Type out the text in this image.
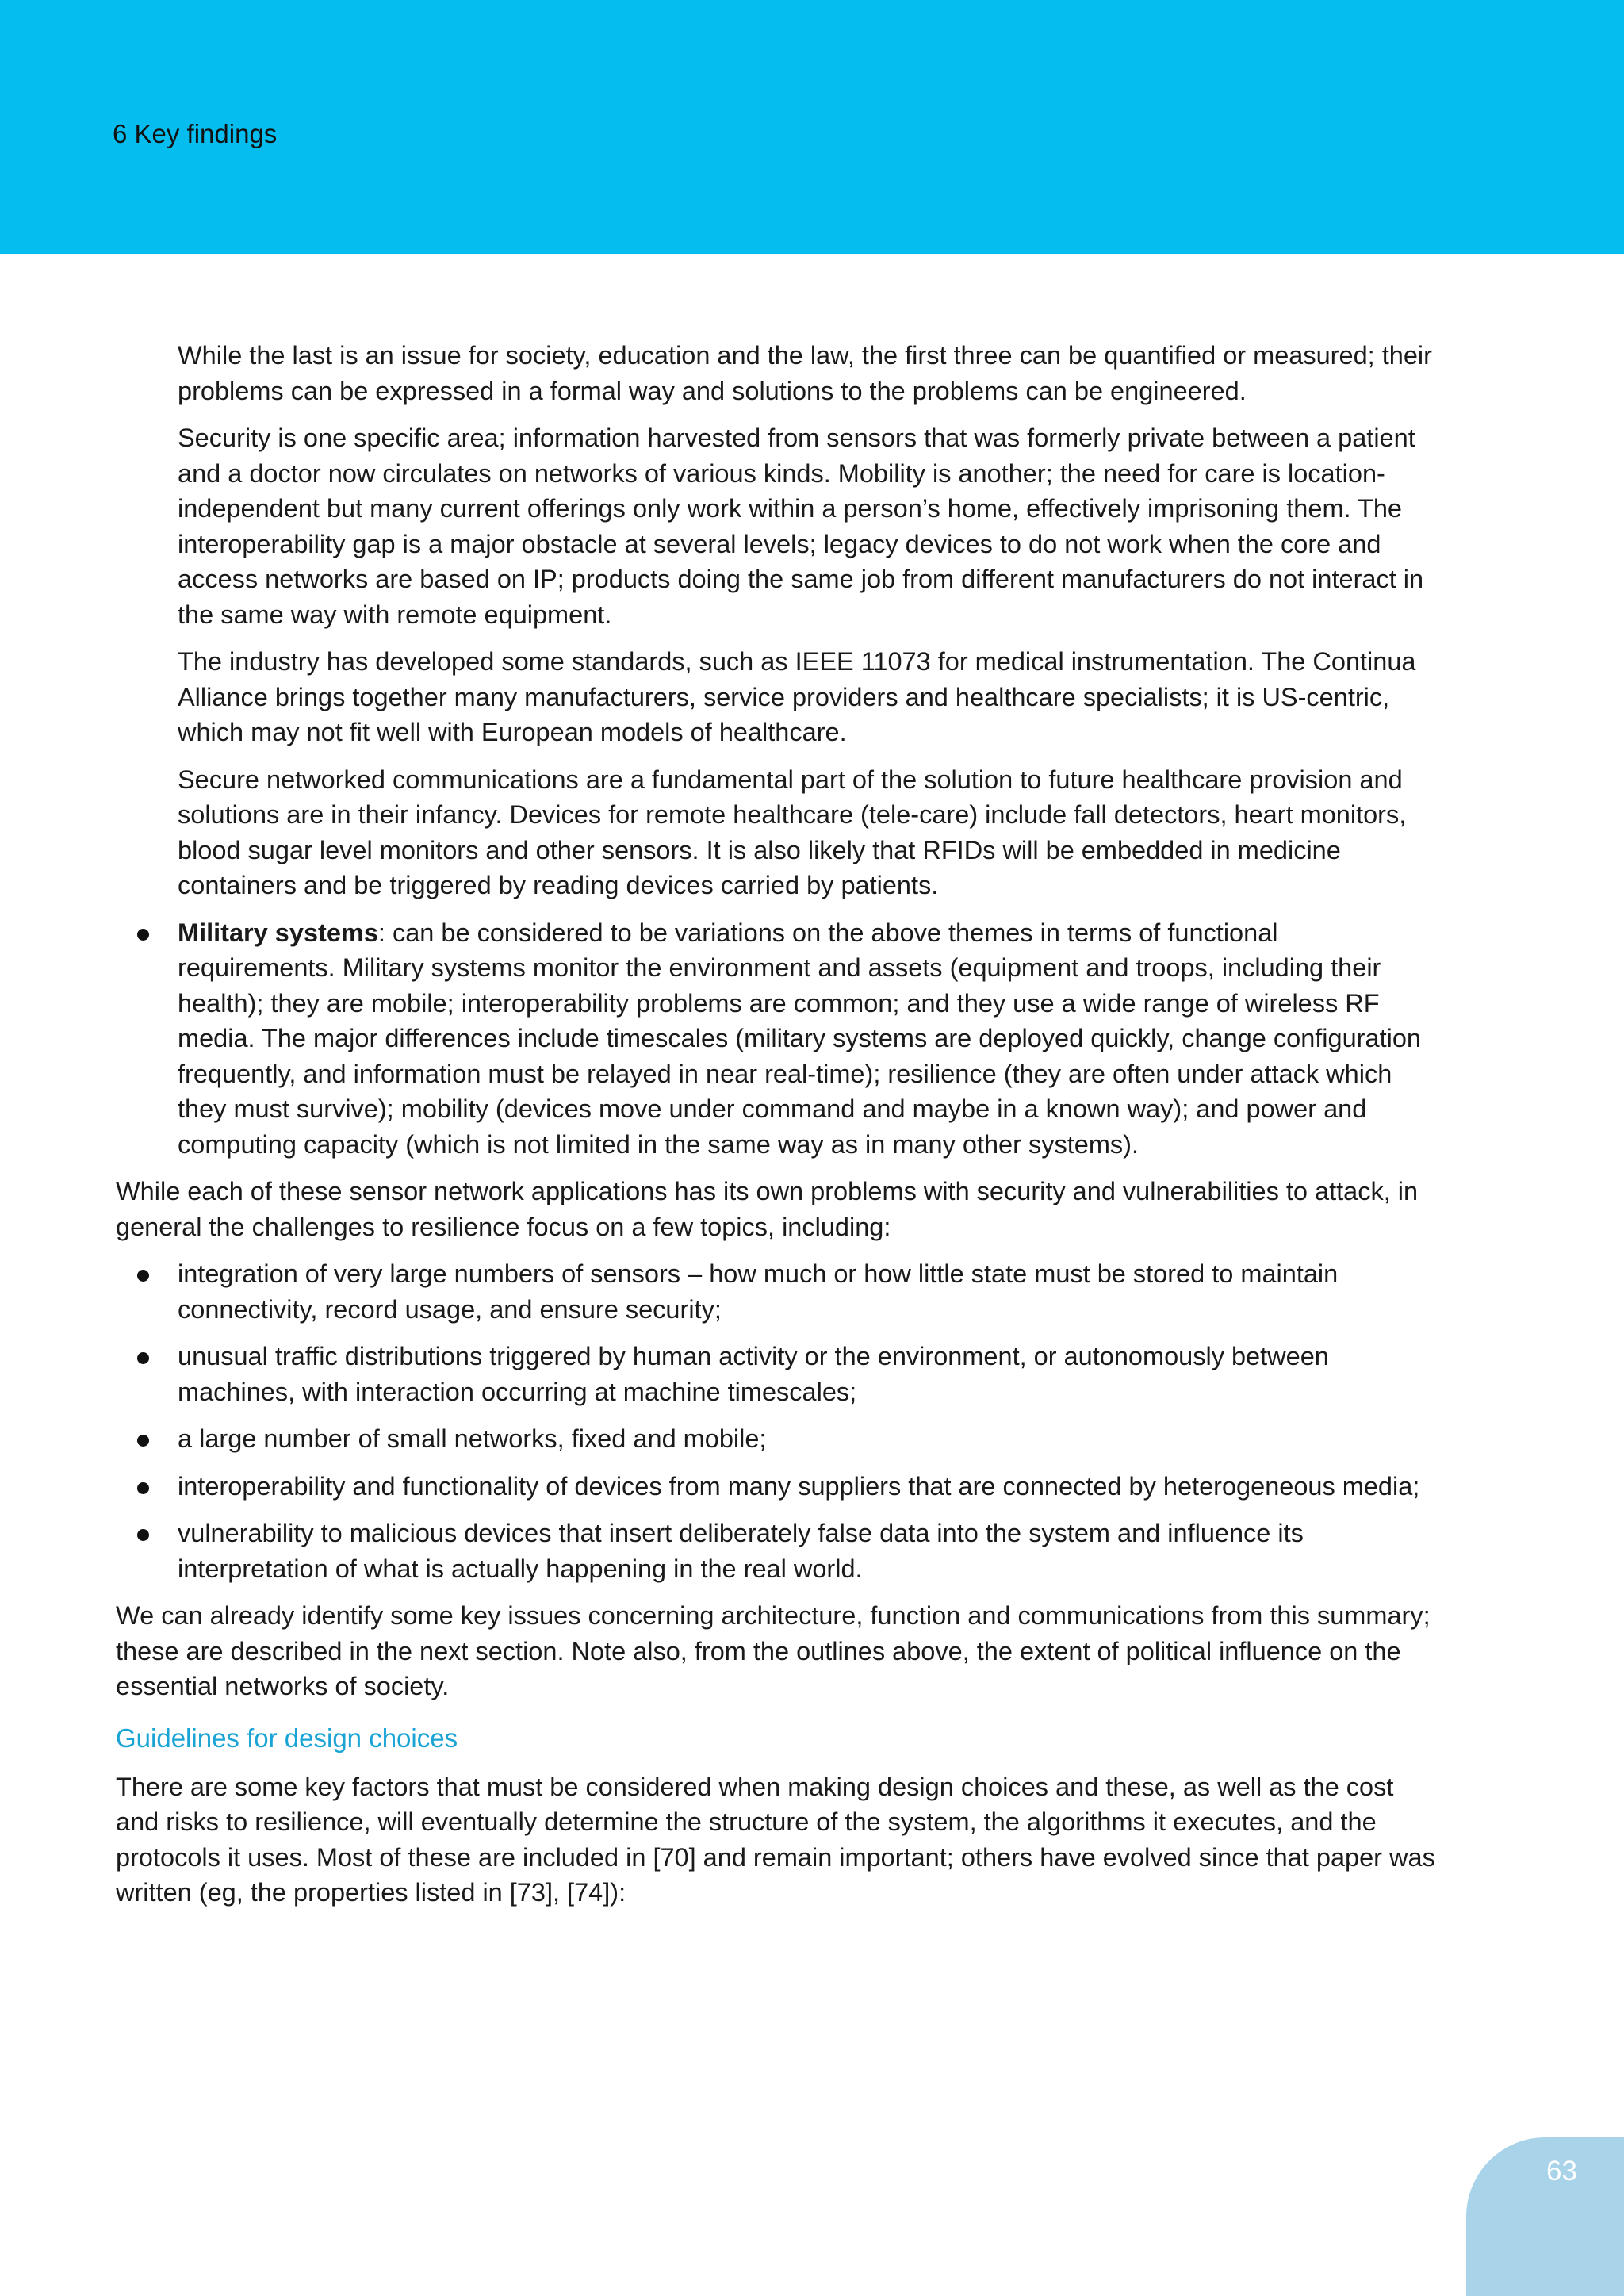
6 Key findings

While the last is an issue for society, education and the law, the first three can be quantified or measured; their problems can be expressed in a formal way and solutions to the problems can be engineered.

Security is one specific area; information harvested from sensors that was formerly private between a patient and a doctor now circulates on networks of various kinds. Mobility is another; the need for care is location-independent but many current offerings only work within a person’s home, effectively imprisoning them. The interoperability gap is a major obstacle at several levels; legacy devices to do not work when the core and access networks are based on IP; products doing the same job from different manufacturers do not interact in the same way with remote equipment.

The industry has developed some standards, such as IEEE 11073 for medical instrumentation. The Continua Alliance brings together many manufacturers, service providers and healthcare specialists; it is US-centric, which may not fit well with European models of healthcare.

Secure networked communications are a fundamental part of the solution to future healthcare provision and solutions are in their infancy. Devices for remote healthcare (tele-care) include fall detectors, heart monitors, blood sugar level monitors and other sensors. It is also likely that RFIDs will be embedded in medicine containers and be triggered by reading devices carried by patients.

Military systems: can be considered to be variations on the above themes in terms of functional requirements. Military systems monitor the environment and assets (equipment and troops, including their health); they are mobile; interoperability problems are common; and they use a wide range of wireless RF media. The major differences include timescales (military systems are deployed quickly, change configuration frequently, and information must be relayed in near real-time); resilience (they are often under attack which they must survive); mobility (devices move under command and maybe in a known way); and power and computing capacity (which is not limited in the same way as in many other systems).

While each of these sensor network applications has its own problems with security and vulnerabilities to attack, in general the challenges to resilience focus on a few topics, including:

integration of very large numbers of sensors – how much or how little state must be stored to maintain connectivity, record usage, and ensure security;
unusual traffic distributions triggered by human activity or the environment, or autonomously between machines, with interaction occurring at machine timescales;
a large number of small networks, fixed and mobile;
interoperability and functionality of devices from many suppliers that are connected by heterogeneous media;
vulnerability to malicious devices that insert deliberately false data into the system and influence its interpretation of what is actually happening in the real world.

We can already identify some key issues concerning architecture, function and communications from this summary; these are described in the next section. Note also, from the outlines above, the extent of political influence on the essential networks of society.

Guidelines for design choices

There are some key factors that must be considered when making design choices and these, as well as the cost and risks to resilience, will eventually determine the structure of the system, the algorithms it executes, and the protocols it uses. Most of these are included in [70] and remain important; others have evolved since that paper was written (eg, the properties listed in [73], [74]):

63
